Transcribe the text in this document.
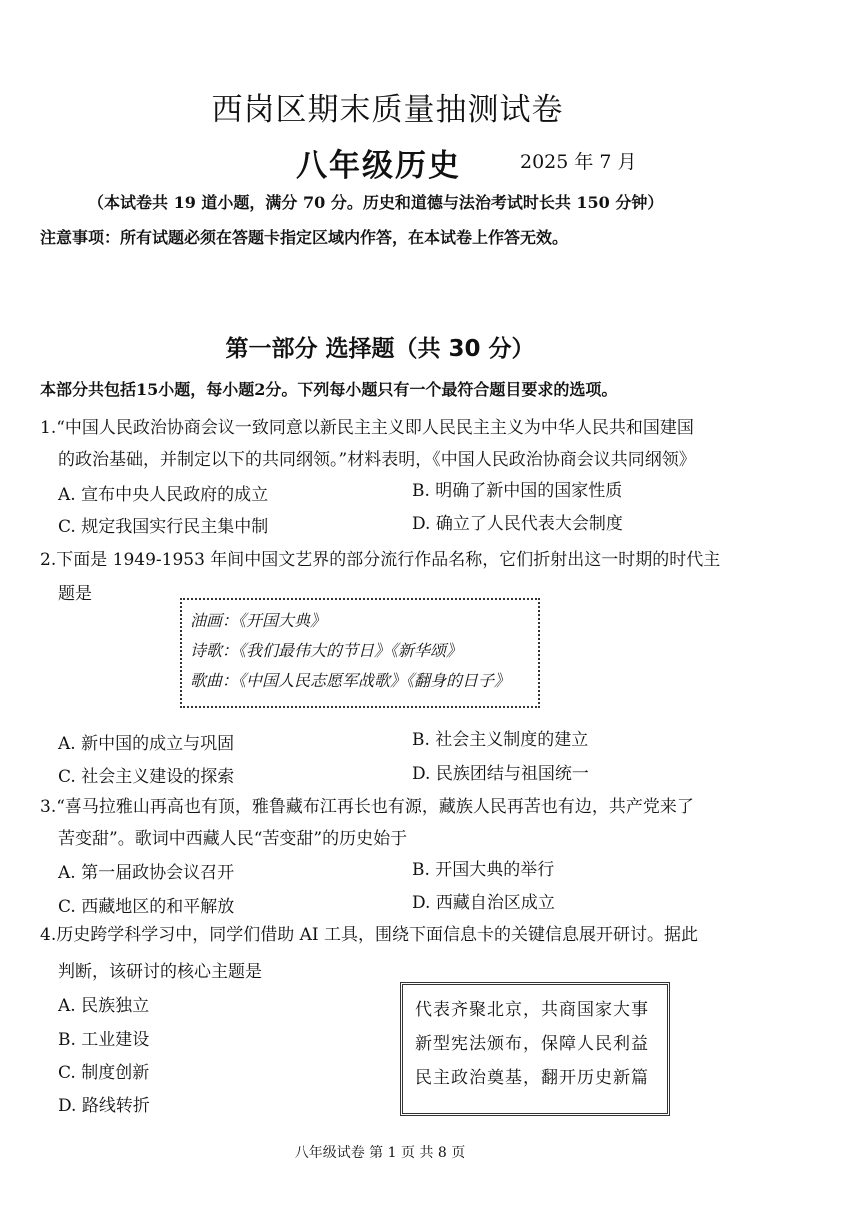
西岗区期末质量抽测试卷
八年级历史	2025 年 7 月
（本试卷共 19 道小题，满分 70 分。历史和道德与法治考试时长共 150 分钟）
注意事项：所有试题必须在答题卡指定区域内作答，在本试卷上作答无效。
第一部分 选择题（共 30 分）
本部分共包括15小题，每小题2分。下列每小题只有一个最符合题目要求的选项。
1.“中国人民政治协商会议一致同意以新民主主义即人民民主主义为中华人民共和国建国
的政治基础，并制定以下的共同纲领。”材料表明，《中国人民政治协商会议共同纲领》
A. 宣布中央人民政府的成立	B. 明确了新中国的国家性质
C. 规定我国实行民主集中制	D. 确立了人民代表大会制度
2.下面是 1949-1953 年间中国文艺界的部分流行作品名称，它们折射出这一时期的时代主
题是
油画：《开国大典》
诗歌：《我们最伟大的节日》《新华颂》
歌曲：《中国人民志愿军战歌》《翻身的日子》
A. 新中国的成立与巩固	B. 社会主义制度的建立
C. 社会主义建设的探索	D. 民族团结与祖国统一
3.“喜马拉雅山再高也有顶，雅鲁藏布江再长也有源，藏族人民再苦也有边，共产党来了
苦变甜”。歌词中西藏人民“苦变甜”的历史始于
A. 第一届政协会议召开	B. 开国大典的举行
C. 西藏地区的和平解放	D. 西藏自治区成立
4.历史跨学科学习中，同学们借助 AI 工具，围绕下面信息卡的关键信息展开研讨。据此
判断，该研讨的核心主题是
A. 民族独立
B. 工业建设
C. 制度创新
D. 路线转折
代表齐聚北京，共商国家大事
新型宪法颁布，保障人民利益
民主政治奠基，翻开历史新篇
八年级试卷 第 1 页 共 8 页
